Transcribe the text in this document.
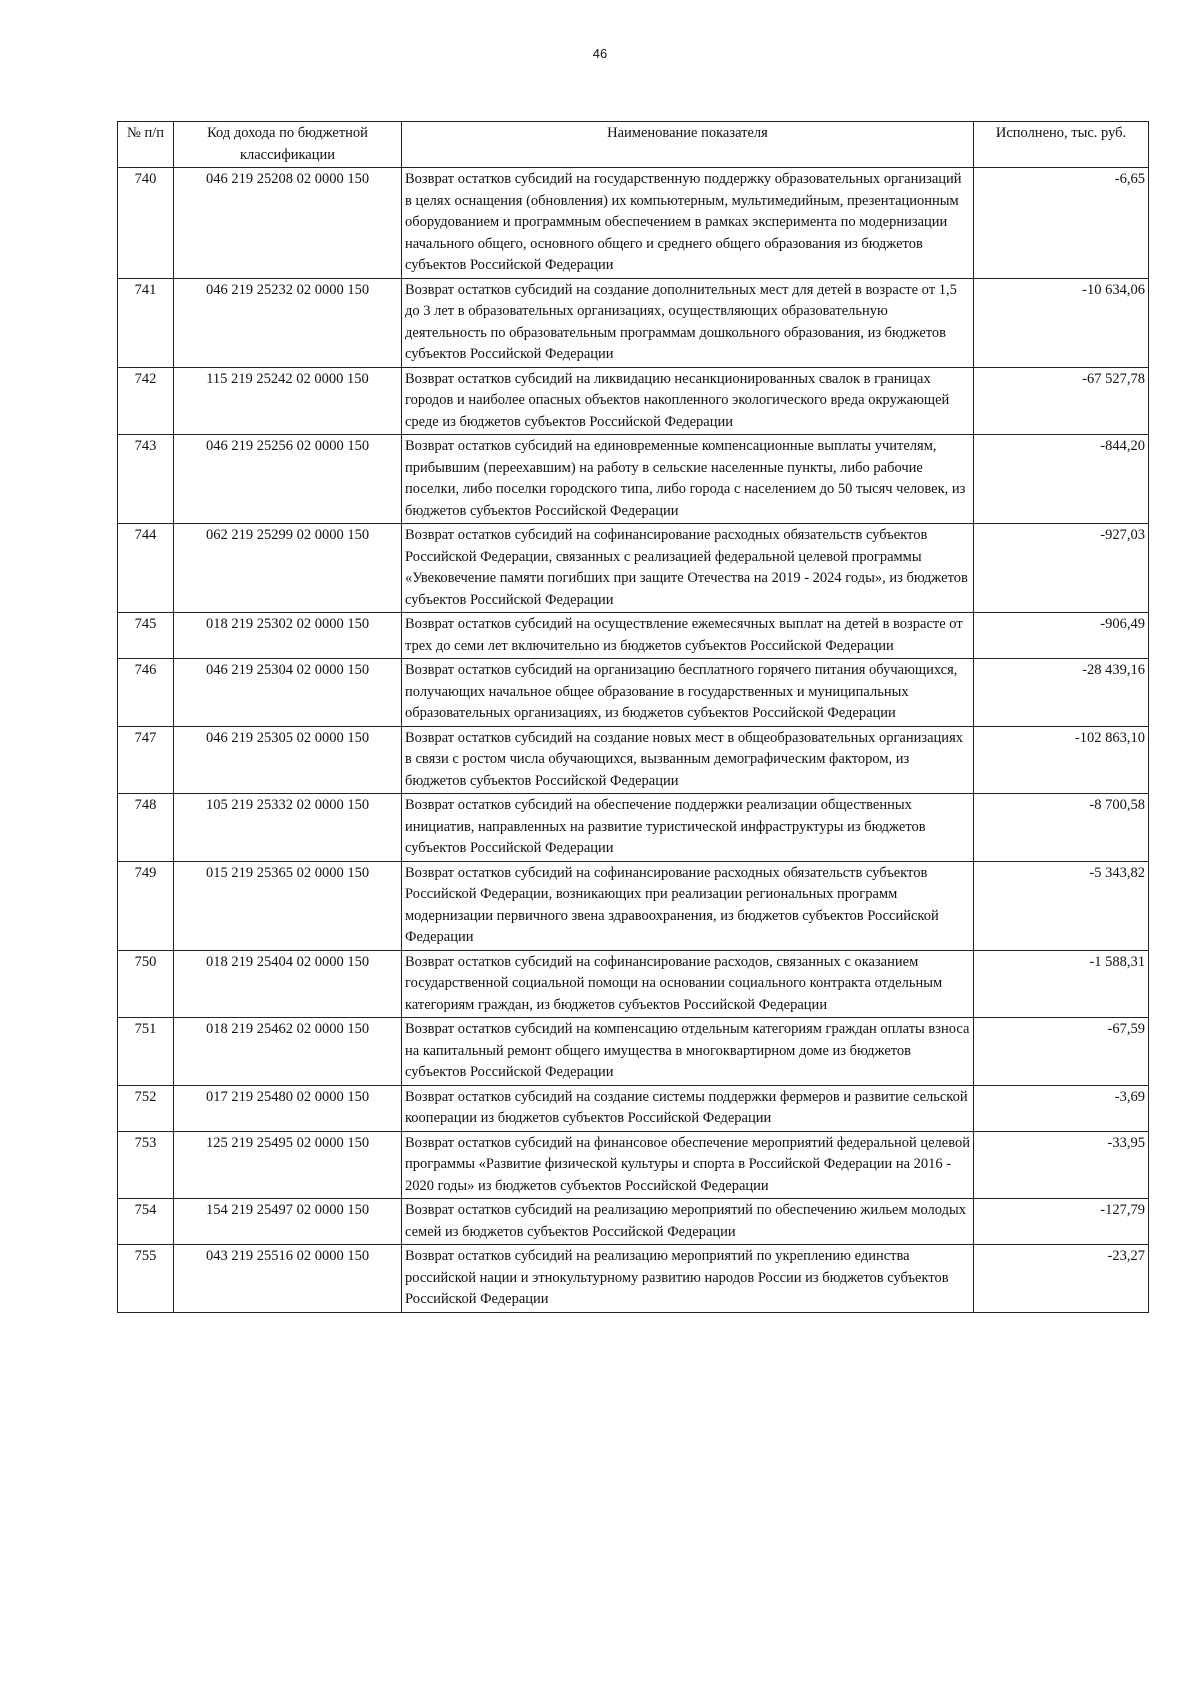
46
№ п/п	Код дохода по бюджетной классификации	Наименование показателя	Исполнено, тыс. руб.
740	046 219 25208 02 0000 150	Возврат остатков субсидий на государственную поддержку образовательных организаций в целях оснащения (обновления) их компьютерным, мультимедийным, презентационным оборудованием и программным обеспечением в рамках эксперимента по модернизации начального общего, основного общего и среднего общего образования из бюджетов субъектов Российской Федерации	-6,65
741	046 219 25232 02 0000 150	Возврат остатков субсидий на создание дополнительных мест для детей в возрасте от 1,5 до 3 лет в образовательных организациях, осуществляющих образовательную деятельность по образовательным программам дошкольного образования, из бюджетов субъектов Российской Федерации	-10 634,06
742	115 219 25242 02 0000 150	Возврат остатков субсидий на ликвидацию несанкционированных свалок в границах городов и наиболее опасных объектов накопленного экологического вреда окружающей среде из бюджетов субъектов Российской Федерации	-67 527,78
743	046 219 25256 02 0000 150	Возврат остатков субсидий на единовременные компенсационные выплаты учителям, прибывшим (переехавшим) на работу в сельские населенные пункты, либо рабочие поселки, либо поселки городского типа, либо города с населением до 50 тысяч человек, из бюджетов субъектов Российской Федерации	-844,20
744	062 219 25299 02 0000 150	Возврат остатков субсидий на софинансирование расходных обязательств субъектов Российской Федерации, связанных с реализацией федеральной целевой программы «Увековечение памяти погибших при защите Отечества на 2019 - 2024 годы», из бюджетов субъектов Российской Федерации	-927,03
745	018 219 25302 02 0000 150	Возврат остатков субсидий на осуществление ежемесячных выплат на детей в возрасте от трех до семи лет включительно из бюджетов субъектов Российской Федерации	-906,49
746	046 219 25304 02 0000 150	Возврат остатков субсидий на организацию бесплатного горячего питания обучающихся, получающих начальное общее образование в государственных и муниципальных образовательных организациях, из бюджетов субъектов Российской Федерации	-28 439,16
747	046 219 25305 02 0000 150	Возврат остатков субсидий на создание новых мест в общеобразовательных организациях в связи с ростом числа обучающихся, вызванным демографическим фактором, из бюджетов субъектов Российской Федерации	-102 863,10
748	105 219 25332 02 0000 150	Возврат остатков субсидий на обеспечение поддержки реализации общественных инициатив, направленных на развитие туристической инфраструктуры из бюджетов субъектов Российской Федерации	-8 700,58
749	015 219 25365 02 0000 150	Возврат остатков субсидий на софинансирование расходных обязательств субъектов Российской Федерации, возникающих при реализации региональных программ модернизации первичного звена здравоохранения, из бюджетов субъектов Российской Федерации	-5 343,82
750	018 219 25404 02 0000 150	Возврат остатков субсидий на софинансирование расходов, связанных с оказанием государственной социальной помощи на основании социального контракта отдельным категориям граждан, из бюджетов субъектов Российской Федерации	-1 588,31
751	018 219 25462 02 0000 150	Возврат остатков субсидий на компенсацию отдельным категориям граждан оплаты взноса на капитальный ремонт общего имущества в многоквартирном доме из бюджетов субъектов Российской Федерации	-67,59
752	017 219 25480 02 0000 150	Возврат остатков субсидий на создание системы поддержки фермеров и развитие сельской кооперации из бюджетов субъектов Российской Федерации	-3,69
753	125 219 25495 02 0000 150	Возврат остатков субсидий на финансовое обеспечение мероприятий федеральной целевой программы «Развитие физической культуры и спорта в Российской Федерации на 2016 - 2020 годы» из бюджетов субъектов Российской Федерации	-33,95
754	154 219 25497 02 0000 150	Возврат остатков субсидий на реализацию мероприятий по обеспечению жильем молодых семей из бюджетов субъектов Российской Федерации	-127,79
755	043 219 25516 02 0000 150	Возврат остатков субсидий на реализацию мероприятий по укреплению единства российской нации и этнокультурному развитию народов России из бюджетов субъектов Российской Федерации	-23,27
